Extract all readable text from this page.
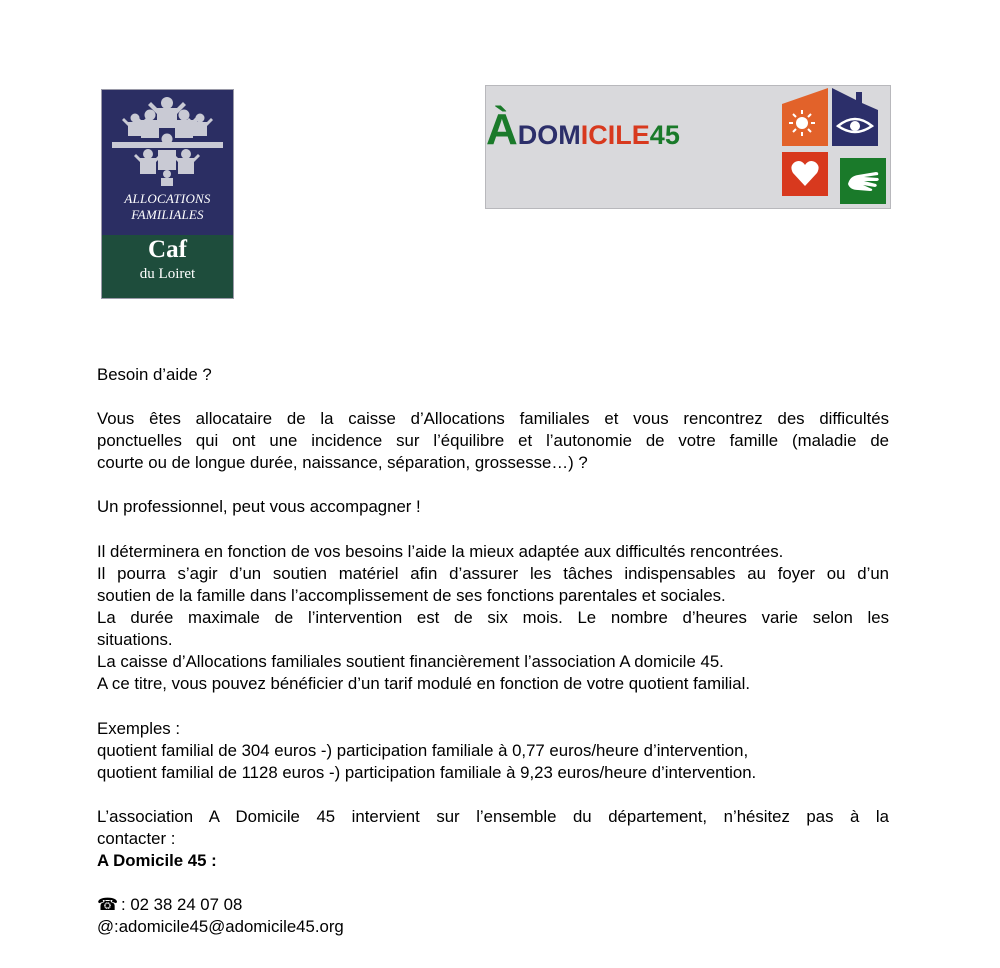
ALLOCATIONS
FAMILIALES
Caf
du Loiret
ÀDOMICILE45
Besoin d’aide ?
Vous êtes allocataire de la caisse d’Allocations familiales et vous rencontrez des difficultés
ponctuelles qui ont une incidence sur l’équilibre et l’autonomie de votre famille (maladie de
courte ou de longue durée, naissance, séparation, grossesse…) ?
Un professionnel, peut vous accompagner !
Il déterminera en fonction de vos besoins l’aide la mieux adaptée aux difficultés rencontrées.
Il pourra s’agir d’un soutien matériel afin d’assurer les tâches indispensables au foyer ou d’un
soutien de la famille dans l’accomplissement de ses fonctions parentales et sociales.
La durée maximale de l’intervention est de six mois. Le nombre d’heures varie selon les
situations.
La caisse d’Allocations familiales soutient financièrement l’association A domicile 45.
A ce titre, vous pouvez bénéficier d’un tarif modulé en fonction de votre quotient familial.
Exemples :
quotient familial de 304 euros -) participation familiale à 0,77 euros/heure d’intervention,
quotient familial de 1128 euros -) participation familiale à 9,23 euros/heure d’intervention.
L’association A Domicile 45 intervient sur l’ensemble du département, n’hésitez pas à la
contacter :
A Domicile 45 :
☎ : 02 38 24 07 08
@:adomicile45@adomicile45.org
